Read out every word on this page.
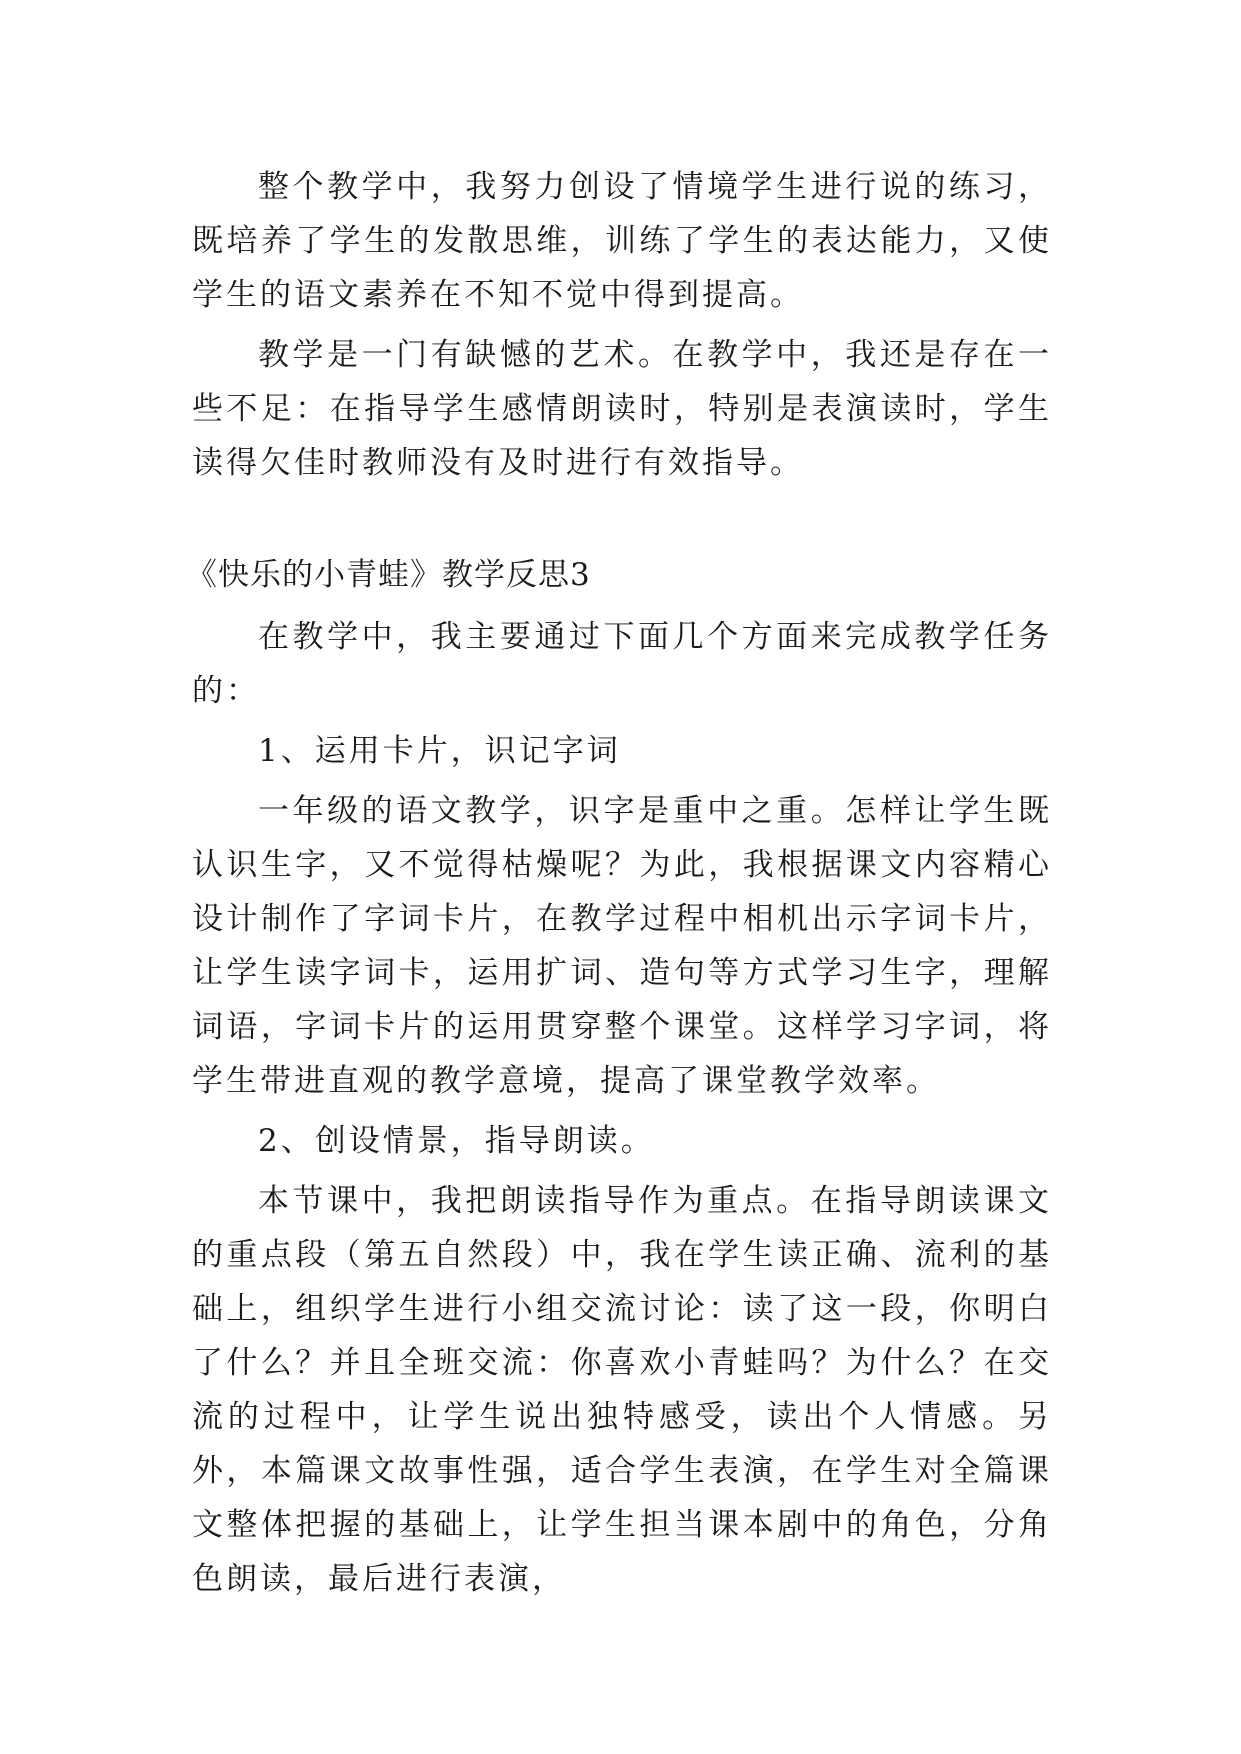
整个教学中，我努力创设了情境学生进行说的练习，既培养了学生的发散思维，训练了学生的表达能力，又使学生的语文素养在不知不觉中得到提高。

教学是一门有缺憾的艺术。在教学中，我还是存在一些不足：在指导学生感情朗读时，特别是表演读时，学生读得欠佳时教师没有及时进行有效指导。

《快乐的小青蛙》教学反思3

在教学中，我主要通过下面几个方面来完成教学任务的：

1、运用卡片，识记字词

一年级的语文教学，识字是重中之重。怎样让学生既认识生字，又不觉得枯燥呢？为此，我根据课文内容精心设计制作了字词卡片，在教学过程中相机出示字词卡片，让学生读字词卡，运用扩词、造句等方式学习生字，理解词语，字词卡片的运用贯穿整个课堂。这样学习字词，将学生带进直观的教学意境，提高了课堂教学效率。

2、创设情景，指导朗读。

本节课中，我把朗读指导作为重点。在指导朗读课文的重点段（第五自然段）中，我在学生读正确、流利的基础上，组织学生进行小组交流讨论：读了这一段，你明白了什么？并且全班交流：你喜欢小青蛙吗？为什么？在交流的过程中，让学生说出独特感受，读出个人情感。另外，本篇课文故事性强，适合学生表演，在学生对全篇课文整体把握的基础上，让学生担当课本剧中的角色，分角色朗读，最后进行表演，
